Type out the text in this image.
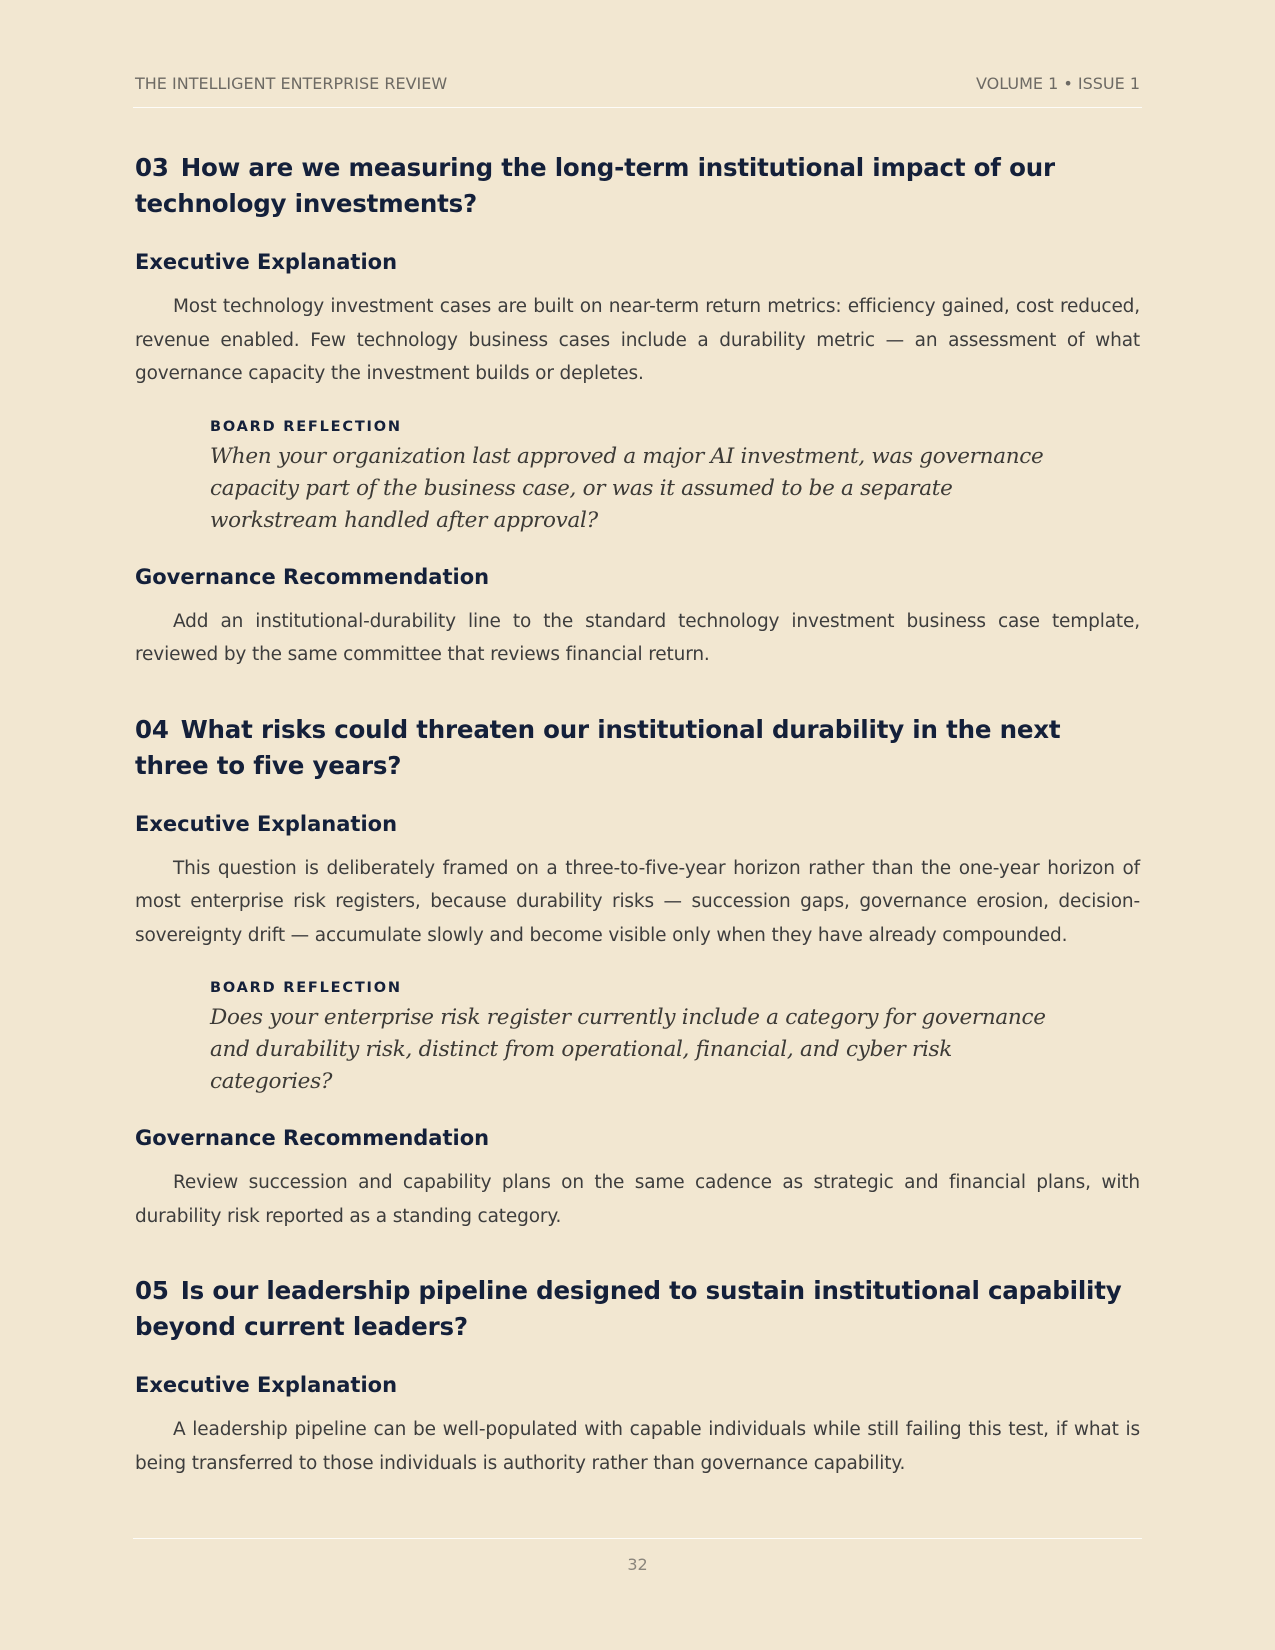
THE INTELLIGENT ENTERPRISE REVIEW	VOLUME 1 • ISSUE 1
03 How are we measuring the long-term institutional impact of our technology investments?
Executive Explanation

Most technology investment cases are built on near-term return metrics: efficiency gained, cost reduced, revenue enabled. Few technology business cases include a durability metric — an assessment of what governance capacity the investment builds or depletes.

BOARD REFLECTION

When your organization last approved a major AI investment, was governance capacity part of the business case, or was it assumed to be a separate workstream handled after approval?

Governance Recommendation

Add an institutional-durability line to the standard technology investment business case template, reviewed by the same committee that reviews financial return.

04 What risks could threaten our institutional durability in the next three to five years?
Executive Explanation

This question is deliberately framed on a three-to-five-year horizon rather than the one-year horizon of most enterprise risk registers, because durability risks — succession gaps, governance erosion, decision-sovereignty drift — accumulate slowly and become visible only when they have already compounded.

BOARD REFLECTION

Does your enterprise risk register currently include a category for governance and durability risk, distinct from operational, financial, and cyber risk categories?

Governance Recommendation

Review succession and capability plans on the same cadence as strategic and financial plans, with durability risk reported as a standing category.

05 Is our leadership pipeline designed to sustain institutional capability beyond current leaders?
Executive Explanation

A leadership pipeline can be well-populated with capable individuals while still failing this test, if what is being transferred to those individuals is authority rather than governance capability.

32
